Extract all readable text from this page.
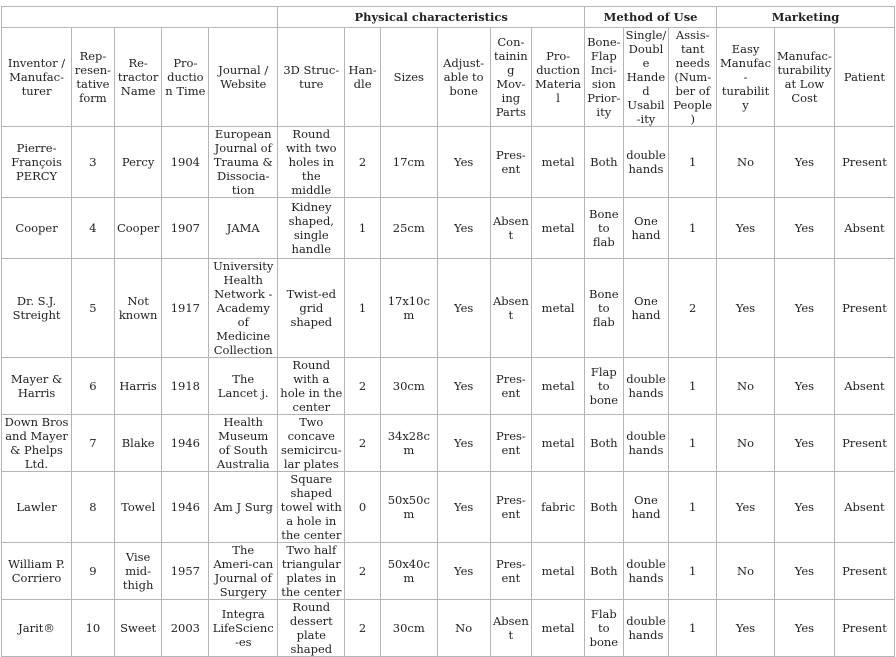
					Physical characteristics						Method of Use			Marketing		
Inventor / Manufac-turer	Rep-resen-tative form	Re-tractor Name	Pro-duction Time	Journal / Website	3D Struc-ture	Han-dle	Sizes	Adjust-able to bone	Con-taining Mov-ing Parts	Pro-duction Material	Bone-Flap Inci-sion Prior-ity	Single/ Double Handed Usabil-ity	Assis-tant needs (Num-ber of People)	Easy Manufac-turability	Manufac-turability at Low Cost	Patient
Pierre-François PERCY	3	Percy	1904	European Journal of Trauma & Dissocia-tion	Round with two holes in the middle	2	17cm	Yes	Pres-ent	metal	Both	double hands	1	No	Yes	Present
Cooper	4	Cooper	1907	JAMA	Kidney shaped, single handle	1	25cm	Yes	Absent	metal	Bone to flab	One hand	1	Yes	Yes	Absent
Dr. S.J. Streight	5	Not known	1917	University Health Network - Academy of Medicine Collection	Twist-ed grid shaped	1	17x10cm	Yes	Absent	metal	Bone to flab	One hand	2	Yes	Yes	Present
Mayer & Harris	6	Harris	1918	The Lancet j.	Round with a hole in the center	2	30cm	Yes	Pres-ent	metal	Flap to bone	double hands	1	No	Yes	Absent
Down Bros and Mayer & Phelps Ltd.	7	Blake	1946	Health Museum of South Australia	Two concave semicircu-lar plates	2	34x28cm	Yes	Pres-ent	metal	Both	double hands	1	No	Yes	Present
Lawler	8	Towel	1946	Am J Surg	Square shaped towel with a hole in the center	0	50x50cm	Yes	Pres-ent	fabric	Both	One hand	1	Yes	Yes	Absent
William P. Corriero	9	Vise mid-thigh	1957	The Ameri-can Journal of Surgery	Two half triangular plates in the center	2	50x40cm	Yes	Pres-ent	metal	Both	double hands	1	No	Yes	Present
Jarit®	10	Sweet	2003	Integra LifeScienc-es	Round dessert plate shaped	2	30cm	No	Absent	metal	Flab to bone	double hands	1	Yes	Yes	Present
